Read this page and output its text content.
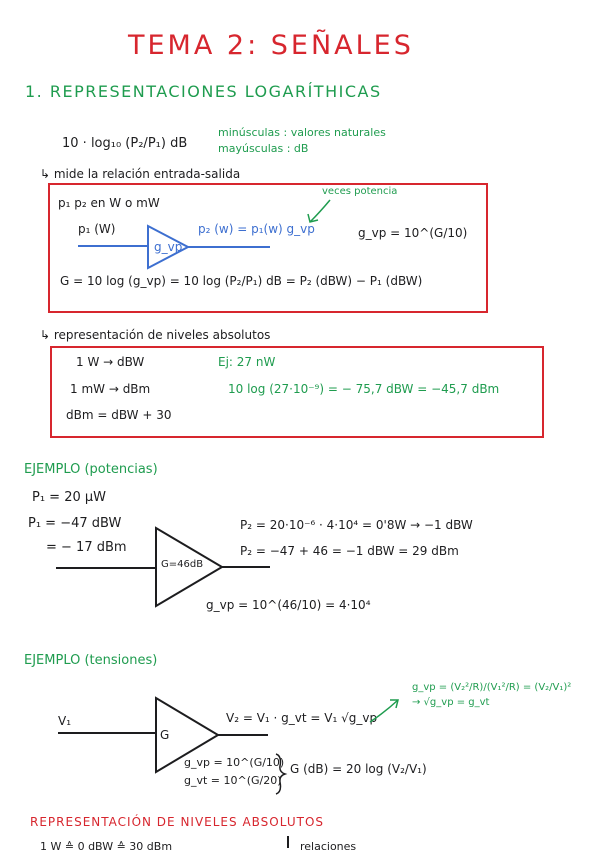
TEMA 2: SEÑALES
1. REPRESENTACIONES LOGARÍTHICAS
10 · log₁₀ (P₂/P₁) dB
minúsculas : valores naturales
mayúsculas : dB
↳ mide la relación entrada-salida
p₁ p₂ en W o mW
veces potencia
p₁ (W)
g_vp
p₂ (w) = p₁(w) g_vp	g_vp = 10^(G/10)
G = 10 log (g_vp) = 10 log (P₂/P₁) dB = P₂ (dBW) − P₁ (dBW)
↳ representación de niveles absolutos
1 W → dBW
1 mW → dBm
dBm = dBW + 30
Ej: 27 nW
10 log (27·10⁻⁹) = − 75,7 dBW = −45,7 dBm
EJEMPLO (potencias)
P₁ = 20 μW
P₁ = −47 dBW
= − 17 dBm
G=46dB
P₂ = 20·10⁻⁶ · 4·10⁴ = 0'8W → −1 dBW
P₂ = −47 + 46 = −1 dBW = 29 dBm
g_vp = 10^(46/10) = 4·10⁴
EJEMPLO (tensiones)
g_vp = (V₂²/R)/(V₁²/R) = (V₂/V₁)² → √g_vp = g_vt
V₁
G
V₂ = V₁ · g_vt = V₁ √g_vp
g_vp = 10^(G/10)
g_vt = 10^(G/20)
G (dB) = 20 log (V₂/V₁)
REPRESENTACIÓN DE NIVELES ABSOLUTOS
1 W ≙ 0 dBW ≙ 30 dBm	relaciones
